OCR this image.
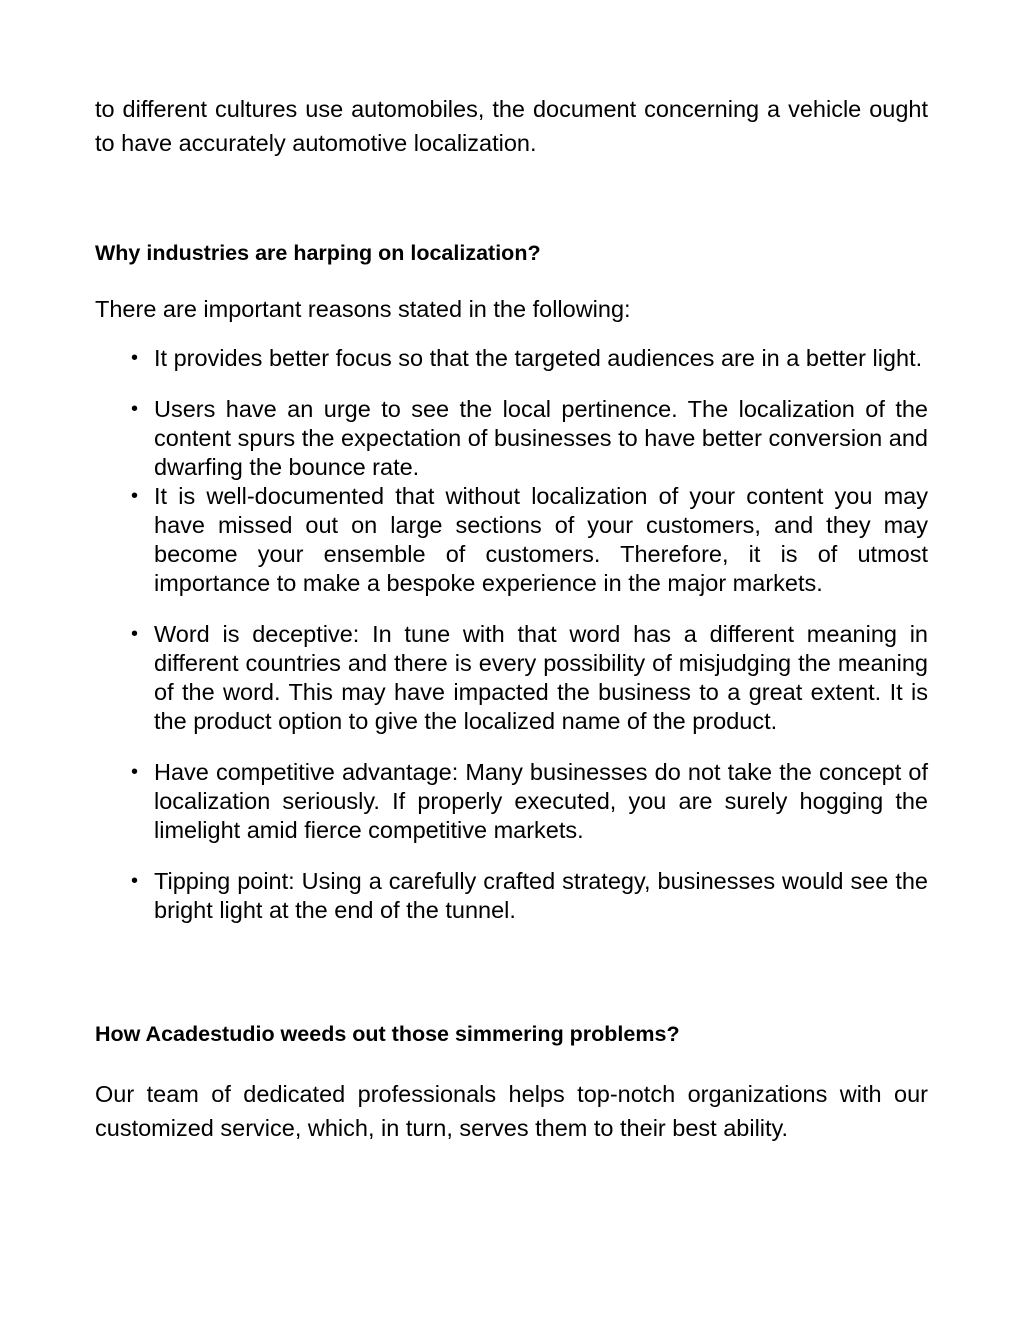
to different cultures use automobiles, the document concerning a vehicle ought to have accurately automotive localization.

Why industries are harping on localization?

There are important reasons stated in the following:

• It provides better focus so that the targeted audiences are in a better light.
• Users have an urge to see the local pertinence. The localization of the content spurs the expectation of businesses to have better conversion and dwarfing the bounce rate.
• It is well-documented that without localization of your content you may have missed out on large sections of your customers, and they may become your ensemble of customers. Therefore, it is of utmost importance to make a bespoke experience in the major markets.
• Word is deceptive: In tune with that word has a different meaning in different countries and there is every possibility of misjudging the meaning of the word. This may have impacted the business to a great extent. It is the product option to give the localized name of the product.
• Have competitive advantage: Many businesses do not take the concept of localization seriously. If properly executed, you are surely hogging the limelight amid fierce competitive markets.
• Tipping point: Using a carefully crafted strategy, businesses would see the bright light at the end of the tunnel.
How Acadestudio weeds out those simmering problems?

Our team of dedicated professionals helps top-notch organizations with our customized service, which, in turn, serves them to their best ability.
